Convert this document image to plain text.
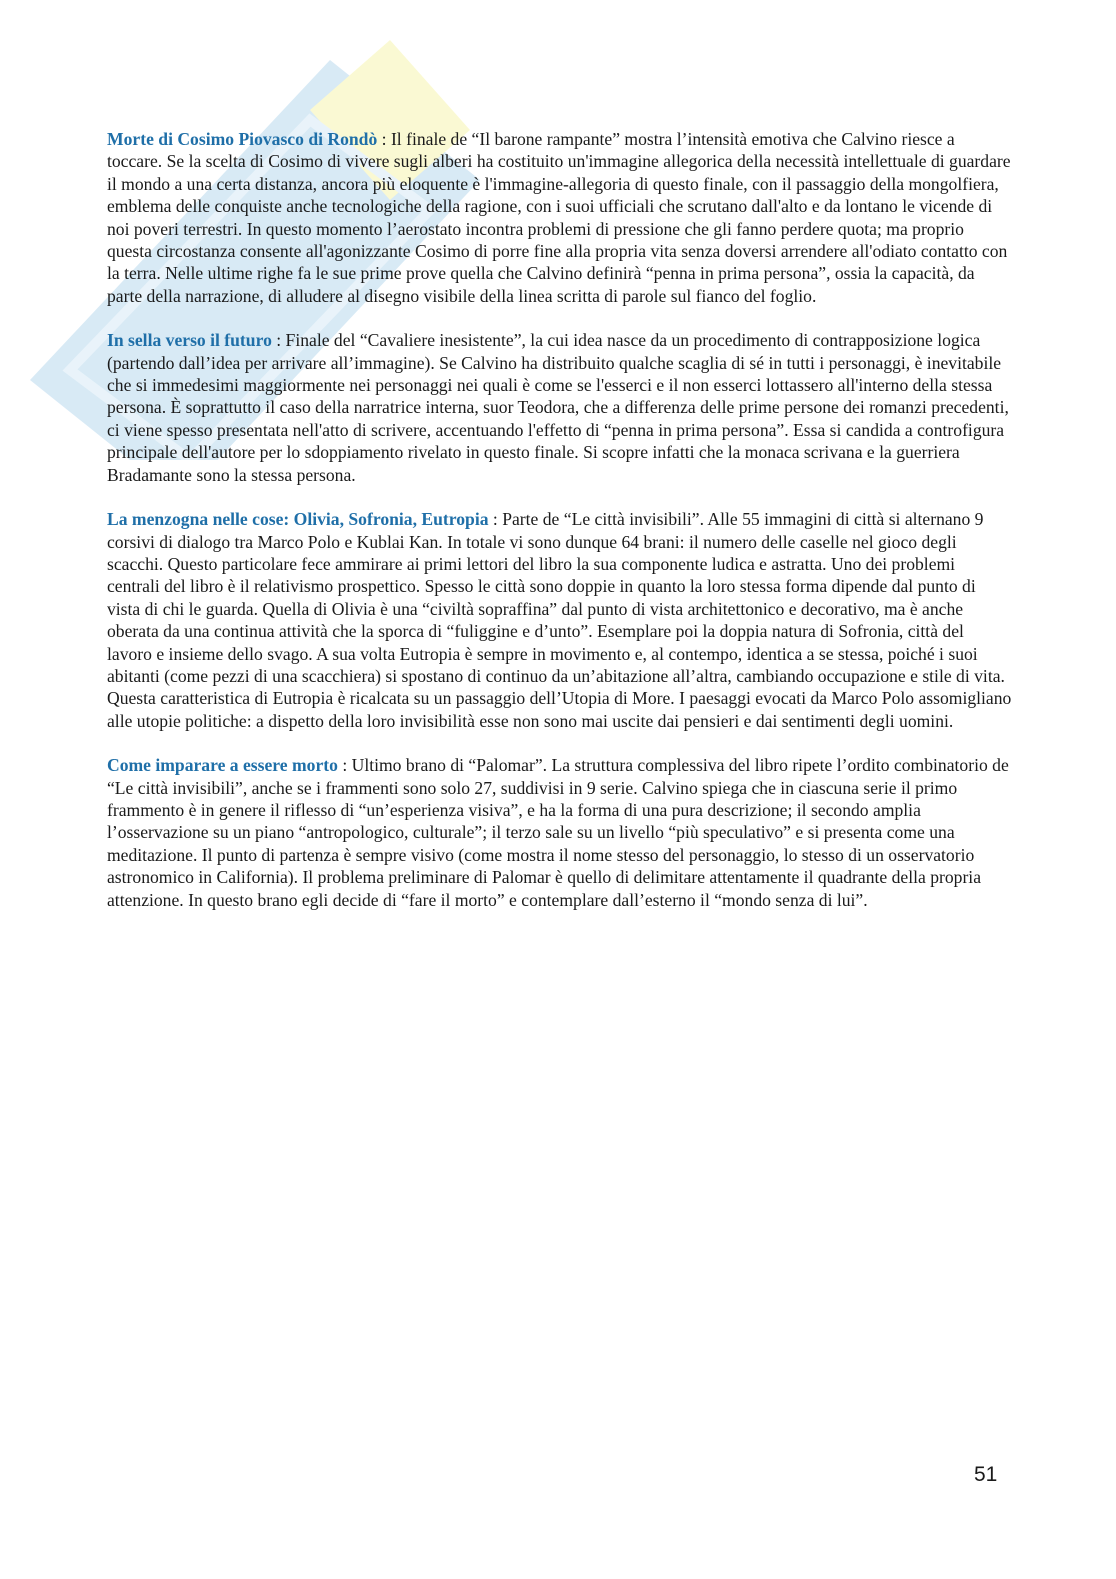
Morte di Cosimo Piovasco di Rondò : Il finale de “Il barone rampante” mostra l’intensità emotiva che Calvino riesce a toccare. Se la scelta di Cosimo di vivere sugli alberi ha costituito un'immagine allegorica della necessità intellettuale di guardare il mondo a una certa distanza, ancora più eloquente è l'immagine-allegoria di questo finale, con il passaggio della mongolfiera, emblema delle conquiste anche tecnologiche della ragione, con i suoi ufficiali che scrutano dall'alto e da lontano le vicende di noi poveri terrestri. In questo momento l’aerostato incontra problemi di pressione che gli fanno perdere quota; ma proprio questa circostanza consente all'agonizzante Cosimo di porre fine alla propria vita senza doversi arrendere all'odiato contatto con la terra. Nelle ultime righe fa le sue prime prove quella che Calvino definirà “penna in prima persona”, ossia la capacità, da parte della narrazione, di alludere al disegno visibile della linea scritta di parole sul fianco del foglio.

In sella verso il futuro : Finale del “Cavaliere inesistente”, la cui idea nasce da un procedimento di contrapposizione logica (partendo dall’idea per arrivare all’immagine). Se Calvino ha distribuito qualche scaglia di sé in tutti i personaggi, è inevitabile che si immedesimi maggiormente nei personaggi nei quali è come se l'esserci e il non esserci lottassero all'interno della stessa persona. È soprattutto il caso della narratrice interna, suor Teodora, che a differenza delle prime persone dei romanzi precedenti, ci viene spesso presentata nell'atto di scrivere, accentuando l'effetto di “penna in prima persona”. Essa si candida a controfigura principale dell'autore per lo sdoppiamento rivelato in questo finale. Si scopre infatti che la monaca scrivana e la guerriera Bradamante sono la stessa persona.

La menzogna nelle cose: Olivia, Sofronia, Eutropia : Parte de “Le città invisibili”. Alle 55 immagini di città si alternano 9 corsivi di dialogo tra Marco Polo e Kublai Kan. In totale vi sono dunque 64 brani: il numero delle caselle nel gioco degli scacchi. Questo particolare fece ammirare ai primi lettori del libro la sua componente ludica e astratta. Uno dei problemi centrali del libro è il relativismo prospettico. Spesso le città sono doppie in quanto la loro stessa forma dipende dal punto di vista di chi le guarda. Quella di Olivia è una “civiltà sopraffina” dal punto di vista architettonico e decorativo, ma è anche oberata da una continua attività che la sporca di “fuliggine e d’unto”. Esemplare poi la doppia natura di Sofronia, città del lavoro e insieme dello svago. A sua volta Eutropia è sempre in movimento e, al contempo, identica a se stessa, poiché i suoi abitanti (come pezzi di una scacchiera) si spostano di continuo da un’abitazione all’altra, cambiando occupazione e stile di vita. Questa caratteristica di Eutropia è ricalcata su un passaggio dell’Utopia di More. I paesaggi evocati da Marco Polo assomigliano alle utopie politiche: a dispetto della loro invisibilità esse non sono mai uscite dai pensieri e dai sentimenti degli uomini.

Come imparare a essere morto : Ultimo brano di “Palomar”. La struttura complessiva del libro ripete l’ordito combinatorio de “Le città invisibili”, anche se i frammenti sono solo 27, suddivisi in 9 serie. Calvino spiega che in ciascuna serie il primo frammento è in genere il riflesso di “un’esperienza visiva”, e ha la forma di una pura descrizione; il secondo amplia l’osservazione su un piano “antropologico, culturale”; il terzo sale su un livello “più speculativo” e si presenta come una meditazione. Il punto di partenza è sempre visivo (come mostra il nome stesso del personaggio, lo stesso di un osservatorio astronomico in California). Il problema preliminare di Palomar è quello di delimitare attentamente il quadrante della propria attenzione. In questo brano egli decide di “fare il morto” e contemplare dall’esterno il “mondo senza di lui”.

51
